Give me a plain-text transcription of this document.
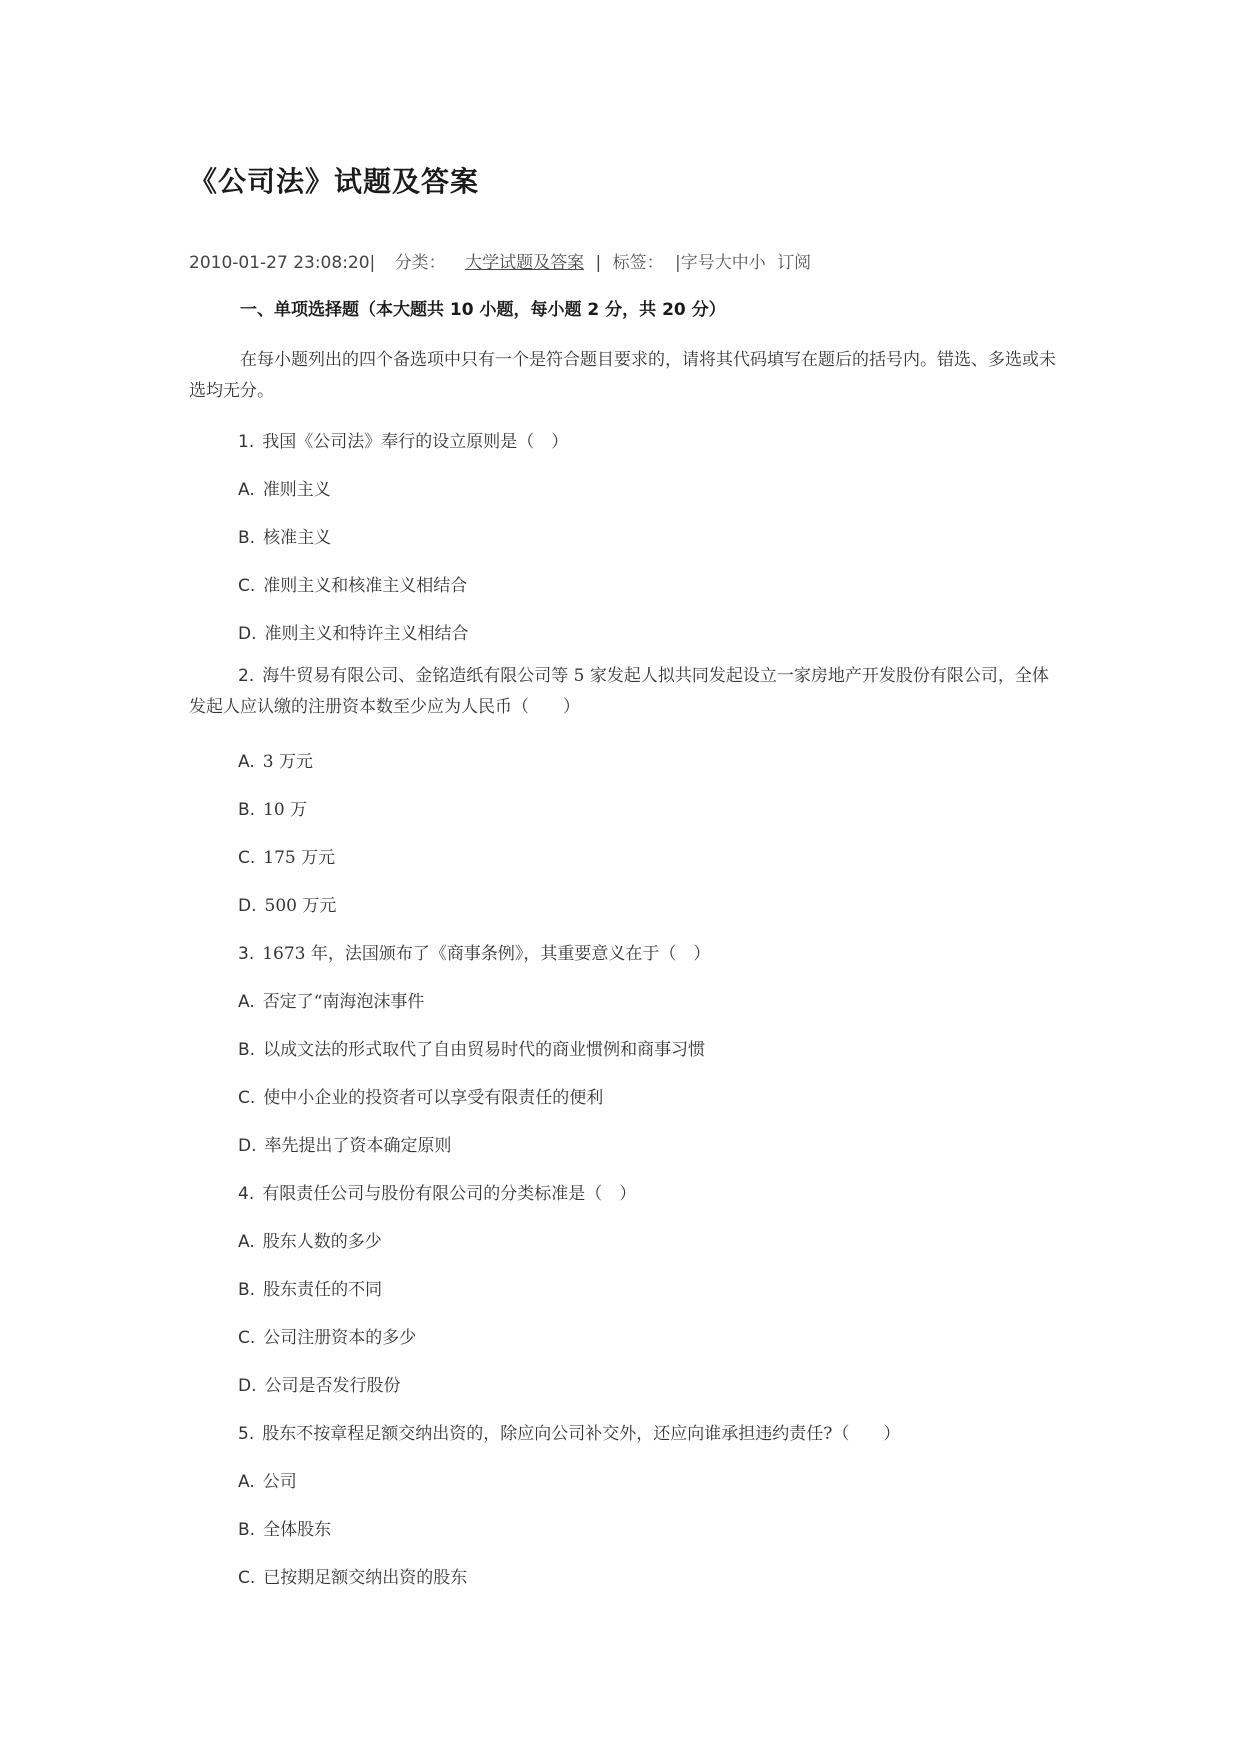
《公司法》试题及答案
2010-01-27 23:08:20| 分类： 大学试题及答案 | 标签： |字号大中小 订阅

一、单项选择题（本大题共 10 小题，每小题 2 分，共 20 分）

在每小题列出的四个备选项中只有一个是符合题目要求的，请将其代码填写在题后的括号内。错选、多选或未选均无分。

1. 我国《公司法》奉行的设立原则是（　）
A. 准则主义
B. 核准主义
C. 准则主义和核准主义相结合
D. 准则主义和特许主义相结合

2. 海牛贸易有限公司、金铭造纸有限公司等 5 家发起人拟共同发起设立一家房地产开发股份有限公司，全体发起人应认缴的注册资本数至少应为人民币（　　）

A. 3 万元
B. 10 万
C. 175 万元
D. 500 万元
3. 1673 年，法国颁布了《商事条例》，其重要意义在于（　）
A. 否定了“南海泡沫事件
B. 以成文法的形式取代了自由贸易时代的商业惯例和商事习惯
C. 使中小企业的投资者可以享受有限责任的便利
D. 率先提出了资本确定原则
4. 有限责任公司与股份有限公司的分类标准是（　）
A. 股东人数的多少
B. 股东责任的不同
C. 公司注册资本的多少
D. 公司是否发行股份
5. 股东不按章程足额交纳出资的，除应向公司补交外，还应向谁承担违约责任?（　　）
A. 公司
B. 全体股东
C. 已按期足额交纳出资的股东
